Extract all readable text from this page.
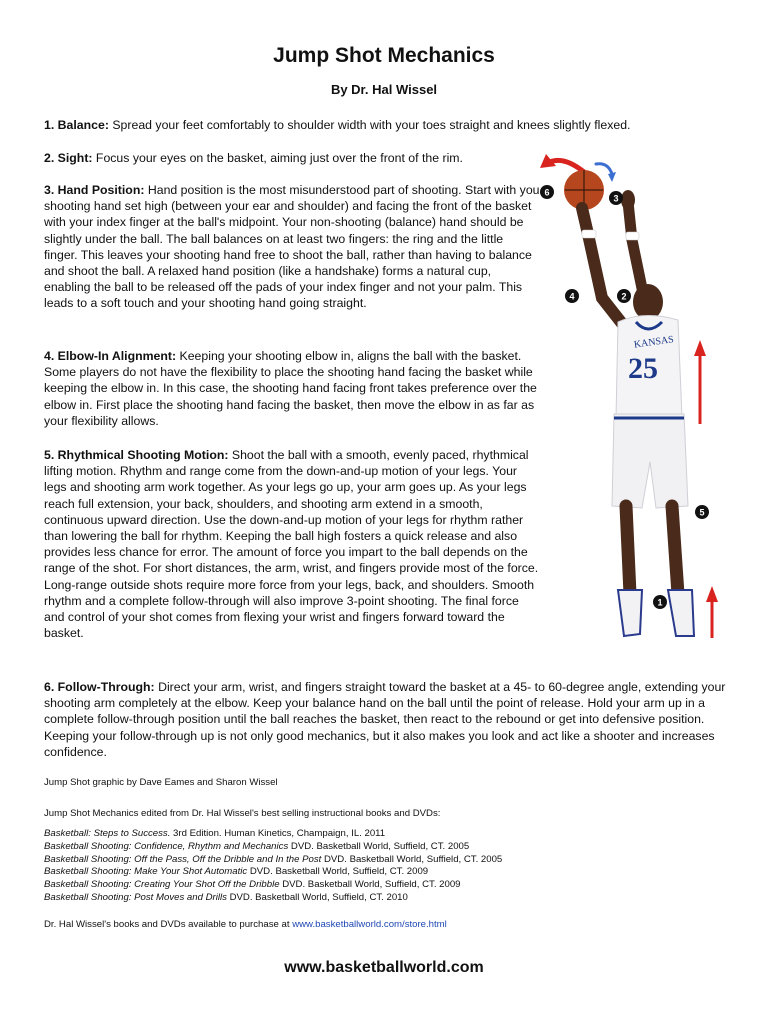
Jump Shot Mechanics
By Dr. Hal Wissel

1. Balance: Spread your feet comfortably to shoulder width with your toes straight and knees slightly flexed.

2. Sight: Focus your eyes on the basket, aiming just over the front of the rim.

3. Hand Position: Hand position is the most misunderstood part of shooting. Start with you shooting hand set high (between your ear and shoulder) and facing the front of the basket with your index finger at the ball's midpoint. Your non-shooting (balance) hand should be slightly under the ball. The ball balances on at least two fingers: the ring and the little finger. This leaves your shooting hand free to shoot the ball, rather than having to balance and shoot the ball. A relaxed hand position (like a handshake) forms a natural cup, enabling the ball to be released off the pads of your index finger and not your palm. This leads to a soft touch and your shooting hand going straight.

4. Elbow-In Alignment: Keeping your shooting elbow in, aligns the ball with the basket. Some players do not have the flexibility to place the shooting hand facing the basket while keeping the elbow in. In this case, the shooting hand facing front takes preference over the elbow in. First place the shooting hand facing the basket, then move the elbow in as far as your flexibility allows.

5. Rhythmical Shooting Motion: Shoot the ball with a smooth, evenly paced, rhythmical lifting motion. Rhythm and range come from the down-and-up motion of your legs. Your legs and shooting arm work together. As your legs go up, your arm goes up. As your legs reach full extension, your back, shoulders, and shooting arm extend in a smooth, continuous upward direction. Use the down-and-up motion of your legs for rhythm rather than lowering the ball for rhythm. Keeping the ball high fosters a quick release and also provides less chance for error. The amount of force you impart to the ball depends on the range of the shot. For short distances, the arm, wrist, and fingers provide most of the force. Long-range outside shots require more force from your legs, back, and shoulders. Smooth rhythm and a complete follow-through will also improve 3-point shooting. The final force and control of your shot comes from flexing your wrist and fingers forward toward the basket.

6. Follow-Through: Direct your arm, wrist, and fingers straight toward the basket at a 45- to 60-degree angle, extending your shooting arm completely at the elbow. Keep your balance hand on the ball until the point of release. Hold your arm up in a complete follow-through position until the ball reaches the basket, then react to the rebound or get into defensive position. Keeping your follow-through up is not only good mechanics, but it also makes you look and act like a shooter and increases confidence.

Jump Shot graphic by Dave Eames and Sharon Wissel

Jump Shot Mechanics edited from Dr. Hal Wissel's best selling instructional books and DVDs:

Basketball: Steps to Success. 3rd Edition. Human Kinetics, Champaign, IL. 2011
Basketball Shooting: Confidence, Rhythm and Mechanics DVD. Basketball World, Suffield, CT. 2005
Basketball Shooting: Off the Pass, Off the Dribble and In the Post DVD. Basketball World, Suffield, CT. 2005
Basketball Shooting: Make Your Shot Automatic DVD. Basketball World, Suffield, CT. 2009
Basketball Shooting: Creating Your Shot Off the Dribble DVD. Basketball World, Suffield, CT. 2009
Basketball Shooting: Post Moves and Drills DVD. Basketball World, Suffield, CT. 2010

Dr. Hal Wissel's books and DVDs available to purchase at www.basketballworld.com/store.html

www.basketballworld.com
KANSAS
25
6
3
4	2
5
1
